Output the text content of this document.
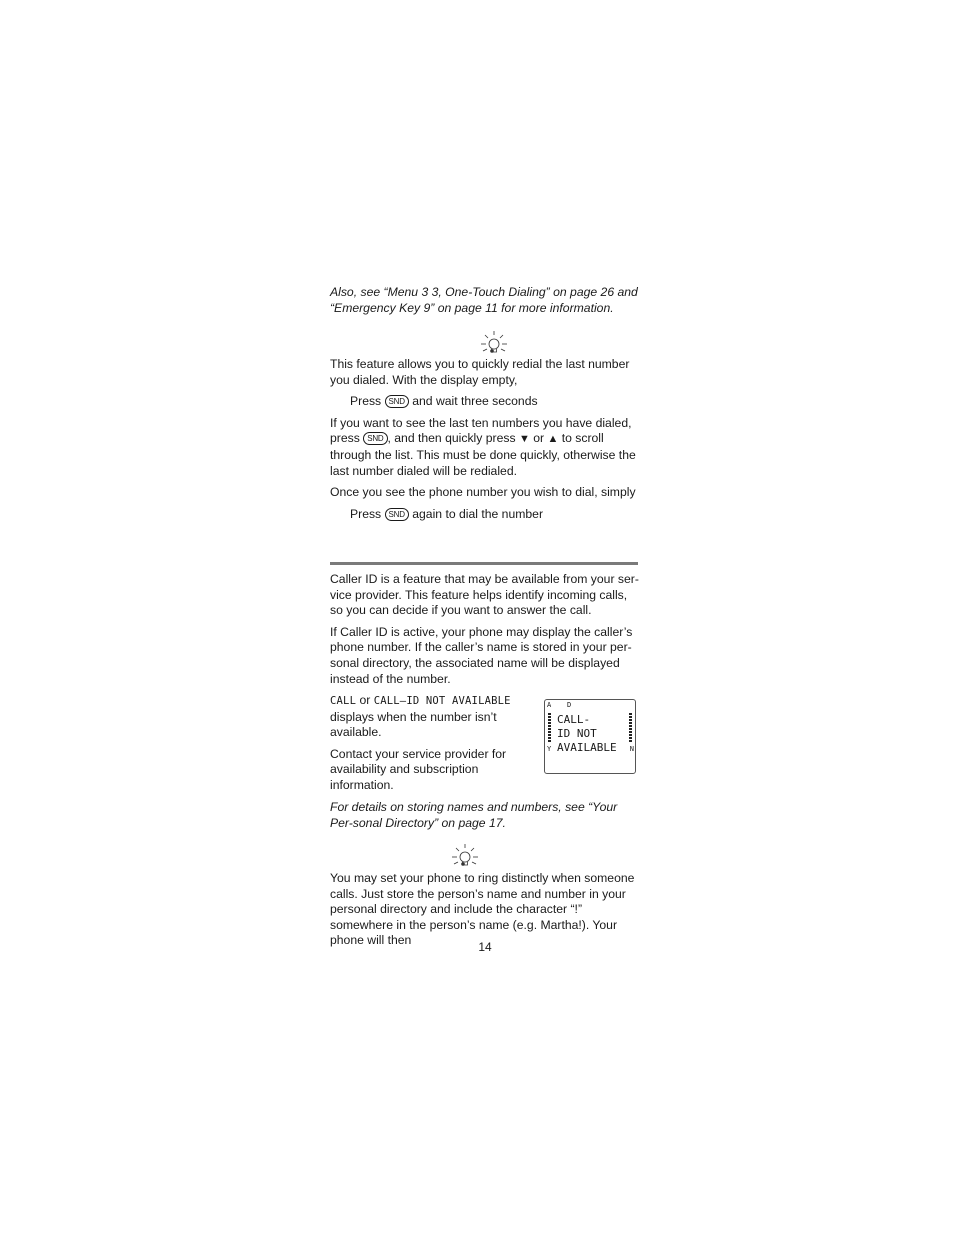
Also, see “Menu 3 3, One-Touch Dialing” on page 26 and “Emergency Key 9” on page 11 for more information.

This feature allows you to quickly redial the last number you dialed. With the display empty,

Press SND and wait three seconds

If you want to see the last ten numbers you have dialed, press SND , and then quickly press ▼ or ▲ to scroll through the list. This must be done quickly, otherwise the last number dialed will be redialed.

Once you see the phone number you wish to dial, simply

Press SND again to dial the number

Caller ID is a feature that may be available from your ser-vice provider. This feature helps identify incoming calls, so you can decide if you want to answer the call.

If Caller ID is active, your phone may display the caller’s phone number. If the caller’s name is stored in your per-sonal directory, the associated name will be displayed instead of the number.

CALL or CALL–ID NOT AVAILABLE displays when the number isn’t available.

Contact your service provider for availability and subscription information.

A D
Y	N
CALL-
ID NOT
AVAILABLE

For details on storing names and numbers, see “Your Per-sonal Directory” on page 17.

You may set your phone to ring distinctly when someone calls. Just store the person’s name and number in your personal directory and include the character “!” somewhere in the person’s name (e.g. Martha!). Your phone will then	14
